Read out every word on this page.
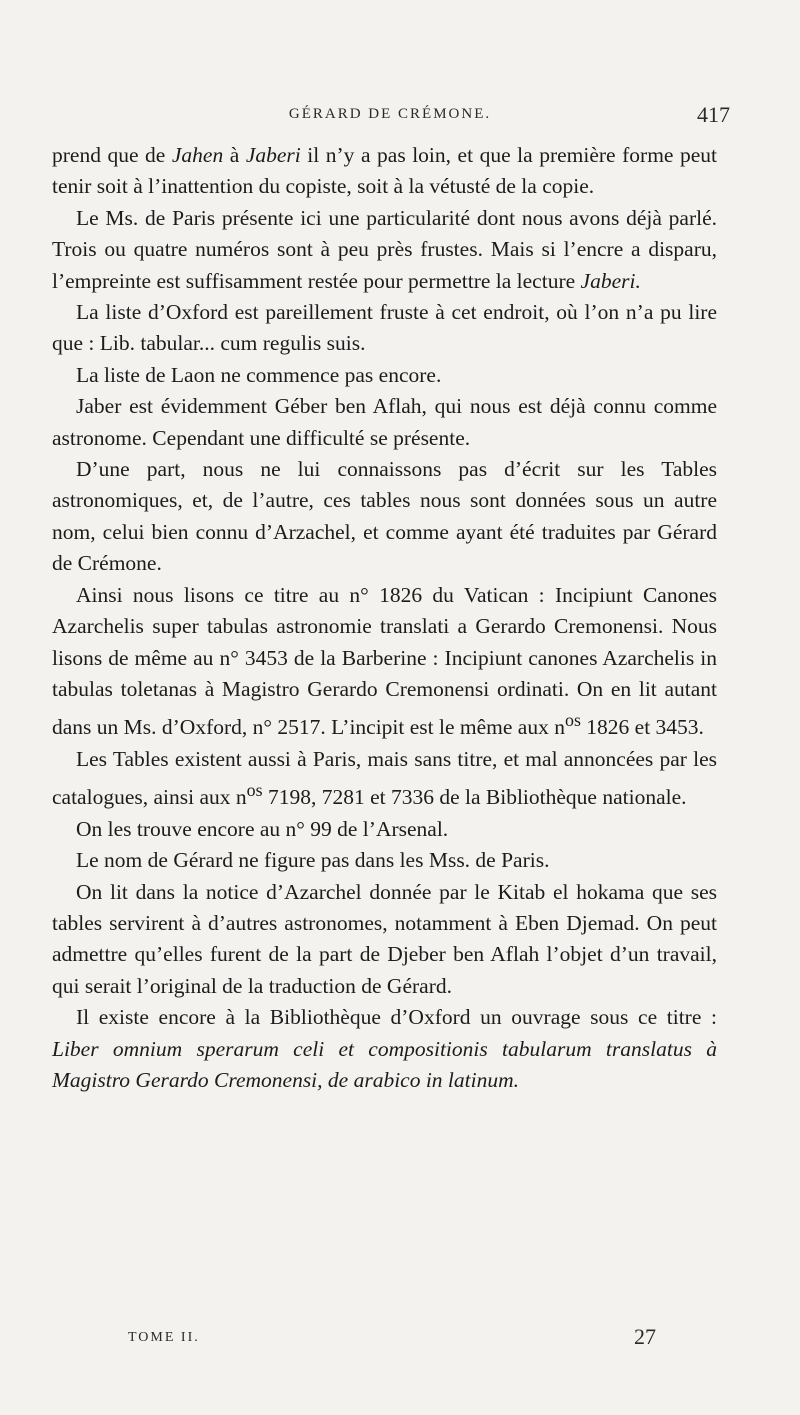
GÉRARD DE CRÉMONE.	417

prend que de Jahen à Jaberi il n’y a pas loin, et que la première forme peut tenir soit à l’inattention du copiste, soit à la vétusté de la copie.

Le Ms. de Paris présente ici une particularité dont nous avons déjà parlé. Trois ou quatre numéros sont à peu près frustes. Mais si l’encre a disparu, l’empreinte est suffisamment restée pour permettre la lecture Jaberi.

La liste d’Oxford est pareillement fruste à cet endroit, où l’on n’a pu lire que : Lib. tabular... cum regulis suis.

La liste de Laon ne commence pas encore.

Jaber est évidemment Géber ben Aflah, qui nous est déjà connu comme astronome. Cependant une difficulté se présente.

D’une part, nous ne lui connaissons pas d’écrit sur les Tables astronomiques, et, de l’autre, ces tables nous sont données sous un autre nom, celui bien connu d’Arzachel, et comme ayant été traduites par Gérard de Crémone.

Ainsi nous lisons ce titre au n° 1826 du Vatican : Incipiunt Canones Azarchelis super tabulas astronomie translati a Gerardo Cremonensi. Nous lisons de même au n° 3453 de la Barberine : Incipiunt canones Azarchelis in tabulas toletanas à Magistro Gerardo Cremonensi ordinati. On en lit autant dans un Ms. d’Oxford, n° 2517. L’incipit est le même aux $n^{os}$ 1826 et 3453.

Les Tables existent aussi à Paris, mais sans titre, et mal annoncées par les catalogues, ainsi aux $n^{os}$ 7198, 7281 et 7336 de la Bibliothèque nationale.

On les trouve encore au n° 99 de l’Arsenal.

Le nom de Gérard ne figure pas dans les Mss. de Paris.

On lit dans la notice d’Azarchel donnée par le Kitab el hokama que ses tables servirent à d’autres astronomes, notamment à Eben Djemad. On peut admettre qu’elles furent de la part de Djeber ben Aflah l’objet d’un travail, qui serait l’original de la traduction de Gérard.

Il existe encore à la Bibliothèque d’Oxford un ouvrage sous ce titre : Liber omnium sperarum celi et compositionis tabularum translatus à Magistro Gerardo Cremonensi, de arabico in latinum.

TOME II.	27
